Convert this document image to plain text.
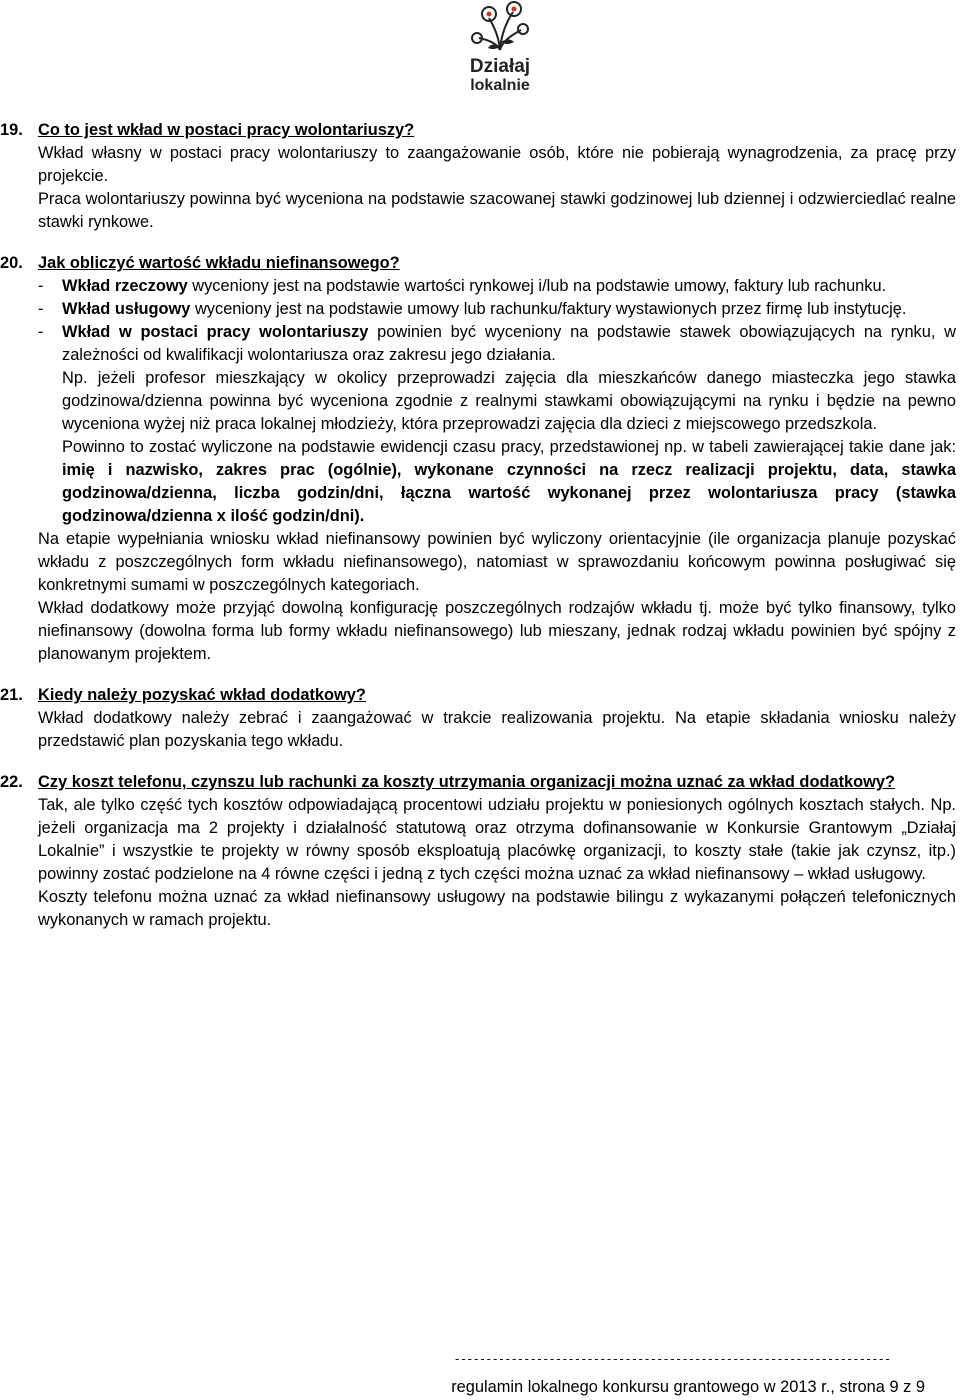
Działaj
lokalnie
19. Co to jest wkład w postaci pracy wolontariuszy?
Wkład własny w postaci pracy wolontariuszy to zaangażowanie osób, które nie pobierają wynagrodzenia, za pracę przy projekcie.
Praca wolontariuszy powinna być wyceniona na podstawie szacowanej stawki godzinowej lub dziennej i odzwierciedlać realne stawki rynkowe.
20. Jak obliczyć wartość wkładu niefinansowego?
- Wkład rzeczowy wyceniony jest na podstawie wartości rynkowej i/lub na podstawie umowy, faktury lub rachunku.
- Wkład usługowy wyceniony jest na podstawie umowy lub rachunku/faktury wystawionych przez firmę lub instytucję.
- Wkład w postaci pracy wolontariuszy powinien być wyceniony na podstawie stawek obowiązujących na rynku, w zależności od kwalifikacji wolontariusza oraz zakresu jego działania.
Np. jeżeli profesor mieszkający w okolicy przeprowadzi zajęcia dla mieszkańców danego miasteczka jego stawka godzinowa/dzienna powinna być wyceniona zgodnie z realnymi stawkami obowiązującymi na rynku i będzie na pewno wyceniona wyżej niż praca lokalnej młodzieży, która przeprowadzi zajęcia dla dzieci z miejscowego przedszkola.
Powinno to zostać wyliczone na podstawie ewidencji czasu pracy, przedstawionej np. w tabeli zawierającej takie dane jak: imię i nazwisko, zakres prac (ogólnie), wykonane czynności na rzecz realizacji projektu, data, stawka godzinowa/dzienna, liczba godzin/dni, łączna wartość wykonanej przez wolontariusza pracy (stawka godzinowa/dzienna x ilość godzin/dni).
Na etapie wypełniania wniosku wkład niefinansowy powinien być wyliczony orientacyjnie (ile organizacja planuje pozyskać wkładu z poszczególnych form wkładu niefinansowego), natomiast w sprawozdaniu końcowym powinna posługiwać się konkretnymi sumami w poszczególnych kategoriach.
Wkład dodatkowy może przyjąć dowolną konfigurację poszczególnych rodzajów wkładu tj. może być tylko finansowy, tylko niefinansowy (dowolna forma lub formy wkładu niefinansowego) lub mieszany, jednak rodzaj wkładu powinien być spójny z planowanym projektem.
21. Kiedy należy pozyskać wkład dodatkowy?
Wkład dodatkowy należy zebrać i zaangażować w trakcie realizowania projektu. Na etapie składania wniosku należy przedstawić plan pozyskania tego wkładu.
22. Czy koszt telefonu, czynszu lub rachunki za koszty utrzymania organizacji można uznać za wkład dodatkowy?
Tak, ale tylko część tych kosztów odpowiadającą procentowi udziału projektu w poniesionych ogólnych kosztach stałych. Np. jeżeli organizacja ma 2 projekty i działalność statutową oraz otrzyma dofinansowanie w Konkursie Grantowym „Działaj Lokalnie” i wszystkie te projekty w równy sposób eksploatują placówkę organizacji, to koszty stałe (takie jak czynsz, itp.) powinny zostać podzielone na 4 równe części i jedną z tych części można uznać za wkład niefinansowy – wkład usługowy.
Koszty telefonu można uznać za wkład niefinansowy usługowy na podstawie bilingu z wykazanymi połączeń telefonicznych wykonanych w ramach projektu.
---------------------------------------------------------------------
regulamin lokalnego konkursu grantowego w 2013 r., strona 9 z 9
